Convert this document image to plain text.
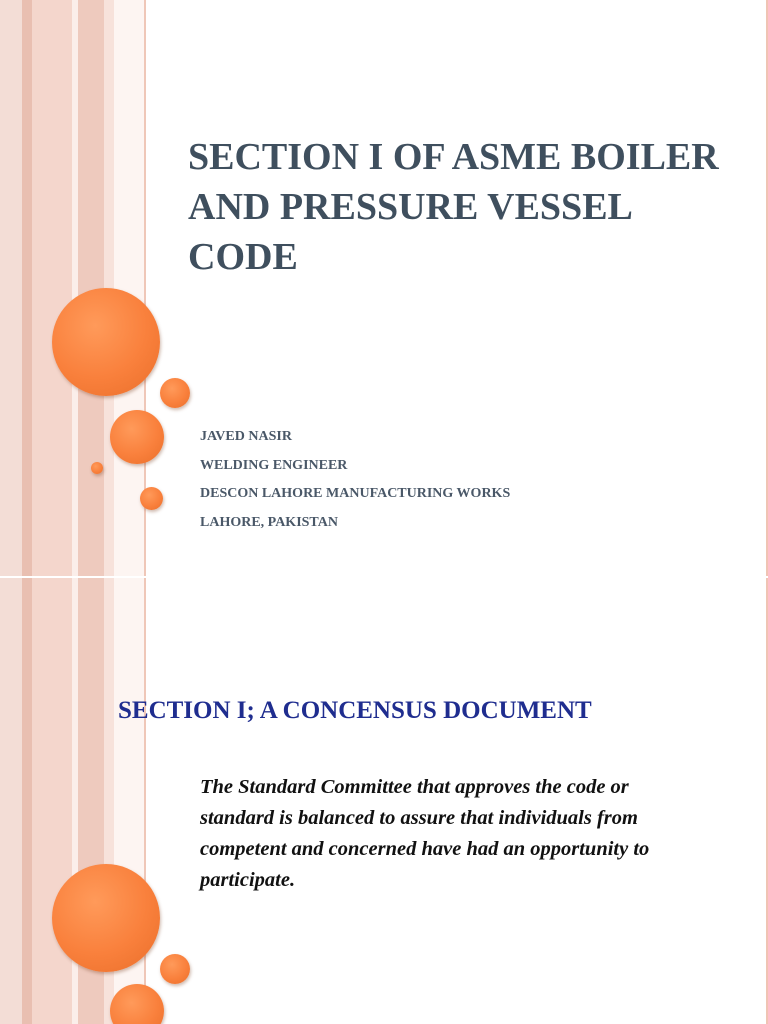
SECTION I OF ASME BOILER AND PRESSURE VESSEL CODE
JAVED NASIR
WELDING ENGINEER
DESCON LAHORE MANUFACTURING WORKS
LAHORE, PAKISTAN
SECTION I; A CONCENSUS DOCUMENT

The Standard Committee that approves the code or standard is balanced to assure that individuals from competent and concerned have had an opportunity to participate.
